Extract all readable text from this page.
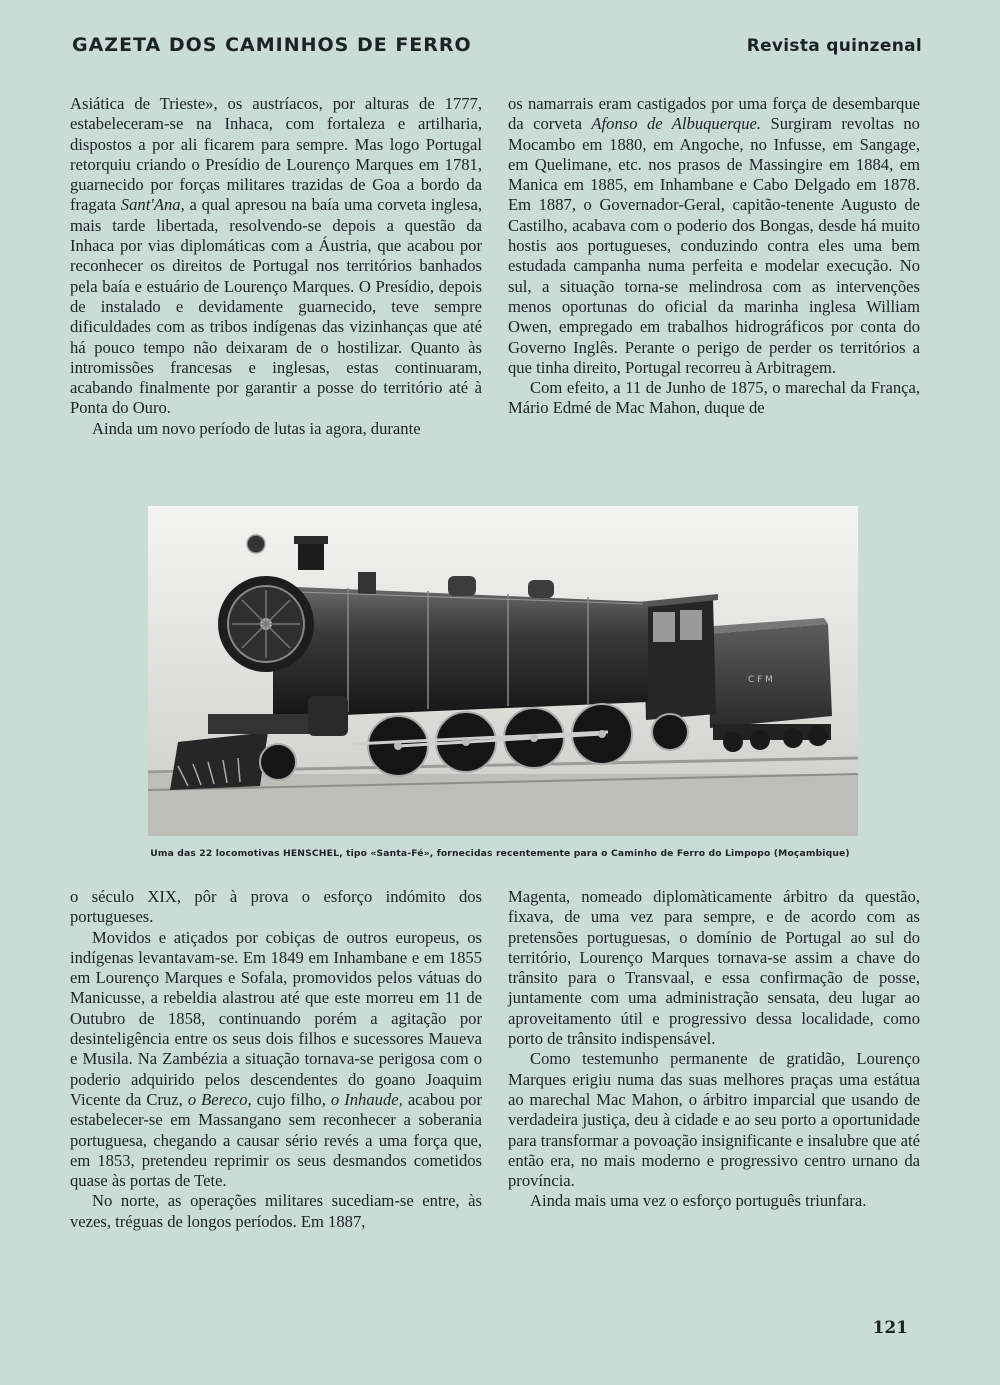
GAZETA DOS CAMINHOS DE FERRO	Revista quinzenal

Asiática de Trieste», os austríacos, por alturas de 1777, estabeleceram-se na Inhaca, com fortaleza e artilharia, dispostos a por ali ficarem para sempre. Mas logo Portugal retorquiu criando o Presídio de Lourenço Marques em 1781, guarnecido por forças militares trazidas de Goa a bordo da fragata Sant'Ana, a qual apresou na baía uma corveta inglesa, mais tarde libertada, resolvendo-se depois a questão da Inhaca por vias diplomáticas com a Áustria, que acabou por reconhecer os direitos de Portugal nos territórios banhados pela baía e estuário de Lourenço Marques. O Presídio, depois de instalado e devidamente guarnecido, teve sempre dificuldades com as tribos indígenas das vizinhanças que até há pouco tempo não deixaram de o hostilizar. Quanto às intromissões francesas e inglesas, estas continuaram, acabando finalmente por garantir a posse do território até à Ponta do Ouro.

Ainda um novo período de lutas ia agora, durante

os namarrais eram castigados por uma força de desembarque da corveta Afonso de Albuquerque. Surgiram revoltas no Mocambo em 1880, em Angoche, no Infusse, em Sangage, em Quelimane, etc. nos prasos de Massingire em 1884, em Manica em 1885, em Inhambane e Cabo Delgado em 1878. Em 1887, o Governador-Geral, capitão-tenente Augusto de Castilho, acabava com o poderio dos Bongas, desde há muito hostis aos portugueses, conduzindo contra eles uma bem estudada campanha numa perfeita e modelar execução. No sul, a situação torna-se melindrosa com as intervenções menos oportunas do oficial da marinha inglesa William Owen, empregado em trabalhos hidrográficos por conta do Governo Inglês. Perante o perigo de perder os territórios a que tinha direito, Portugal recorreu à Arbitragem.

Com efeito, a 11 de Junho de 1875, o marechal da França, Mário Edmé de Mac Mahon, duque de

C F M
Uma das 22 locomotivas HENSCHEL, tipo «Santa-Fé», fornecidas recentemente para o Caminho de Ferro do Limpopo (Moçambique)

o século XIX, pôr à prova o esforço indómito dos portugueses.

Movidos e atiçados por cobiças de outros europeus, os indígenas levantavam-se. Em 1849 em Inhambane e em 1855 em Lourenço Marques e Sofala, promovidos pelos vátuas do Manicusse, a rebeldia alastrou até que este morreu em 11 de Outubro de 1858, continuando porém a agitação por desinteligência entre os seus dois filhos e sucessores Maueva e Musila. Na Zambézia a situação tornava-se perigosa com o poderio adquirido pelos descendentes do goano Joaquim Vicente da Cruz, o Bereco, cujo filho, o Inhaude, acabou por estabelecer-se em Massangano sem reconhecer a soberania portuguesa, chegando a causar sério revés a uma força que, em 1853, pretendeu reprimir os seus desmandos cometidos quase às portas de Tete.

No norte, as operações militares sucediam-se entre, às vezes, tréguas de longos períodos. Em 1887,

Magenta, nomeado diplomàticamente árbitro da questão, fixava, de uma vez para sempre, e de acordo com as pretensões portuguesas, o domínio de Portugal ao sul do território, Lourenço Marques tornava-se assim a chave do trânsito para o Transvaal, e essa confirmação de posse, juntamente com uma administração sensata, deu lugar ao aproveitamento útil e progressivo dessa localidade, como porto de trânsito indispensável.

Como testemunho permanente de gratidão, Lourenço Marques erigiu numa das suas melhores praças uma estátua ao marechal Mac Mahon, o árbitro imparcial que usando de verdadeira justiça, deu à cidade e ao seu porto a oportunidade para transformar a povoação insignificante e insalubre que até então era, no mais moderno e progressivo centro urnano da província.

Ainda mais uma vez o esforço português triunfara.

121
